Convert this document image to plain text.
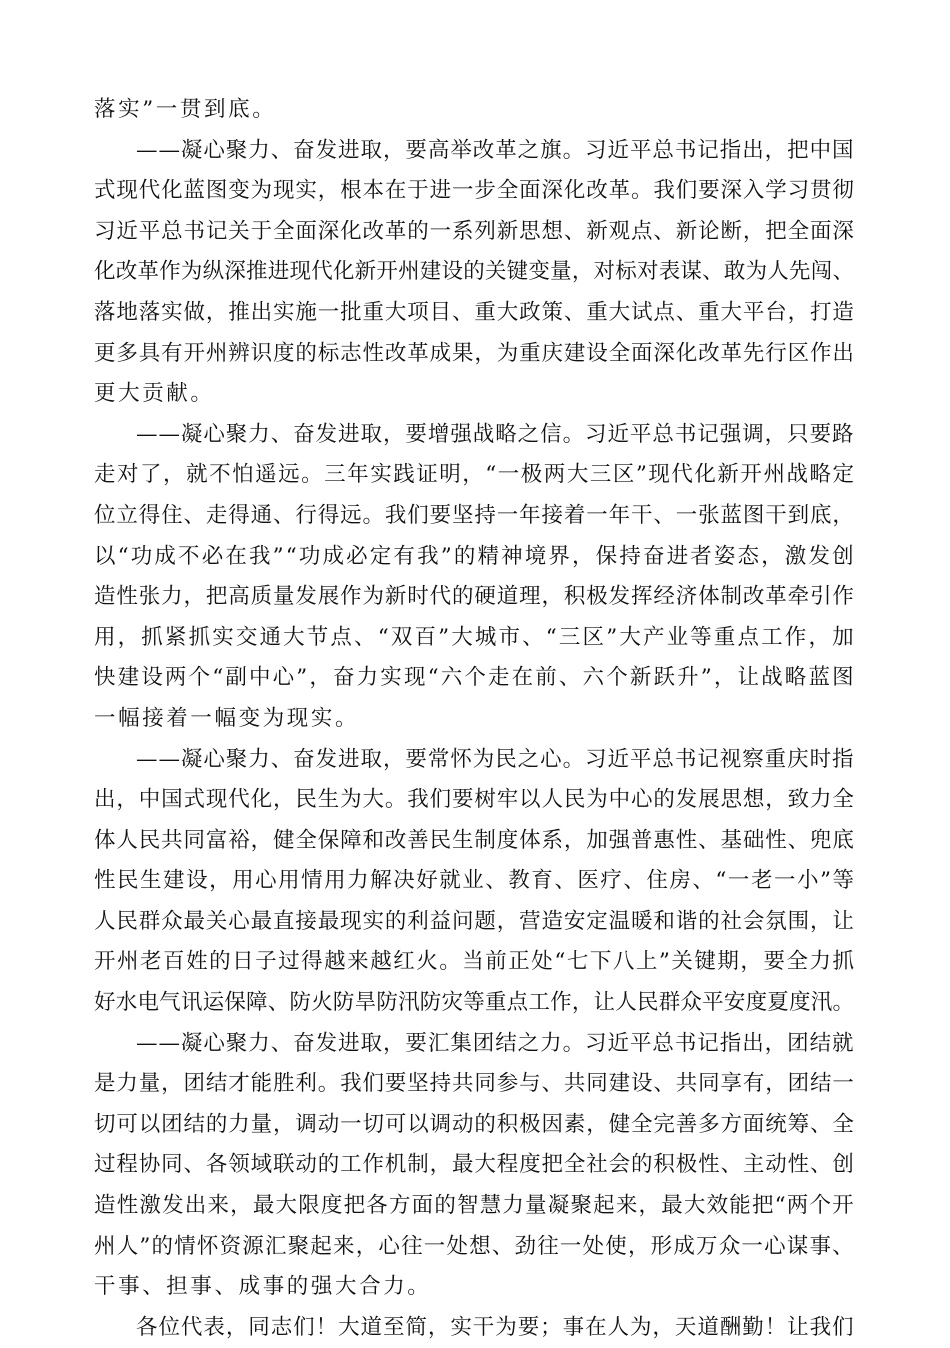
落实”一贯到底。
— — 凝 心 聚 力 、 奋 发 进 取 ， 要 高 举 改 革 之 旗 。 习 近 平 总 书 记 指 出 ， 把 中 国
式 现 代 化 蓝 图 变 为 现 实 ， 根 本 在 于 进 一 步 全 面 深 化 改 革 。 我 们 要 深 入 学 习 贯 彻
习 近 平 总 书 记 关 于 全 面 深 化 改 革 的 一 系 列 新 思 想 、 新 观 点 、 新 论 断 ， 把 全 面 深
化 改 革 作 为 纵 深 推 进 现 代 化 新 开 州 建 设 的 关 键 变 量 ， 对 标 对 表 谋 、 敢 为 人 先 闯 、
落 地 落 实 做 ， 推 出 实 施 一 批 重 大 项 目 、 重 大 政 策 、 重 大 试 点 、 重 大 平 台 ， 打 造
更 多 具 有 开 州 辨 识 度 的 标 志 性 改 革 成 果 ， 为 重 庆 建 设 全 面 深 化 改 革 先 行 区 作 出
更大贡献。
— — 凝 心 聚 力 、 奋 发 进 取 ， 要 增 强 战 略 之 信 。 习 近 平 总 书 记 强 调 ， 只 要 路
走 对 了 ， 就 不 怕 遥 远 。 三 年 实 践 证 明 ， “ 一 极 两 大 三 区 ” 现 代 化 新 开 州 战 略 定
位 立 得 住 、 走 得 通 、 行 得 远 。 我 们 要 坚 持 一 年 接 着 一 年 干 、 一 张 蓝 图 干 到 底 ，
以 “ 功 成 不 必 在 我 ” “ 功 成 必 定 有 我 ” 的 精 神 境 界 ， 保 持 奋 进 者 姿 态 ， 激 发 创
造 性 张 力 ， 把 高 质 量 发 展 作 为 新 时 代 的 硬 道 理 ， 积 极 发 挥 经 济 体 制 改 革 牵 引 作
用 ， 抓 紧 抓 实 交 通 大 节 点 、 “ 双 百 ” 大 城 市 、 “ 三 区 ” 大 产 业 等 重 点 工 作 ， 加
快 建 设 两 个 “ 副 中 心 ” ， 奋 力 实 现 “ 六 个 走 在 前 、 六 个 新 跃 升 ” ， 让 战 略 蓝 图
一幅接着一幅变为现实。
— — 凝 心 聚 力 、 奋 发 进 取 ， 要 常 怀 为 民 之 心 。 习 近 平 总 书 记 视 察 重 庆 时 指
出 ， 中 国 式 现 代 化 ， 民 生 为 大 。 我 们 要 树 牢 以 人 民 为 中 心 的 发 展 思 想 ， 致 力 全
体 人 民 共 同 富 裕 ， 健 全 保 障 和 改 善 民 生 制 度 体 系 ， 加 强 普 惠 性 、 基 础 性 、 兜 底
性 民 生 建 设 ， 用 心 用 情 用 力 解 决 好 就 业 、 教 育 、 医 疗 、 住 房 、 “ 一 老 一 小 ” 等
人 民 群 众 最 关 心 最 直 接 最 现 实 的 利 益 问 题 ， 营 造 安 定 温 暖 和 谐 的 社 会 氛 围 ， 让
开 州 老 百 姓 的 日 子 过 得 越 来 越 红 火 。 当 前 正 处 “ 七 下 八 上 ” 关 键 期 ， 要 全 力 抓
好 水 电 气 讯 运 保 障 、 防 火 防 旱 防 汛 防 灾 等 重 点 工 作 ， 让 人 民 群 众 平 安 度 夏 度 汛 。
— — 凝 心 聚 力 、 奋 发 进 取 ， 要 汇 集 团 结 之 力 。 习 近 平 总 书 记 指 出 ， 团 结 就
是 力 量 ， 团 结 才 能 胜 利 。 我 们 要 坚 持 共 同 参 与 、 共 同 建 设 、 共 同 享 有 ， 团 结 一
切 可 以 团 结 的 力 量 ， 调 动 一 切 可 以 调 动 的 积 极 因 素 ， 健 全 完 善 多 方 面 统 筹 、 全
过 程 协 同 、 各 领 域 联 动 的 工 作 机 制 ， 最 大 程 度 把 全 社 会 的 积 极 性 、 主 动 性 、 创
造 性 激 发 出 来 ， 最 大 限 度 把 各 方 面 的 智 慧 力 量 凝 聚 起 来 ， 最 大 效 能 把 “ 两 个 开
州 人 ” 的 情 怀 资 源 汇 聚 起 来 ， 心 往 一 处 想 、 劲 往 一 处 使 ， 形 成 万 众 一 心 谋 事 、
干事、担事、成事的强大合力。
各 位 代 表 ， 同 志 们 ！ 大 道 至 简 ， 实 干 为 要 ； 事 在 人 为 ， 天 道 酬 勤 ！ 让 我 们
